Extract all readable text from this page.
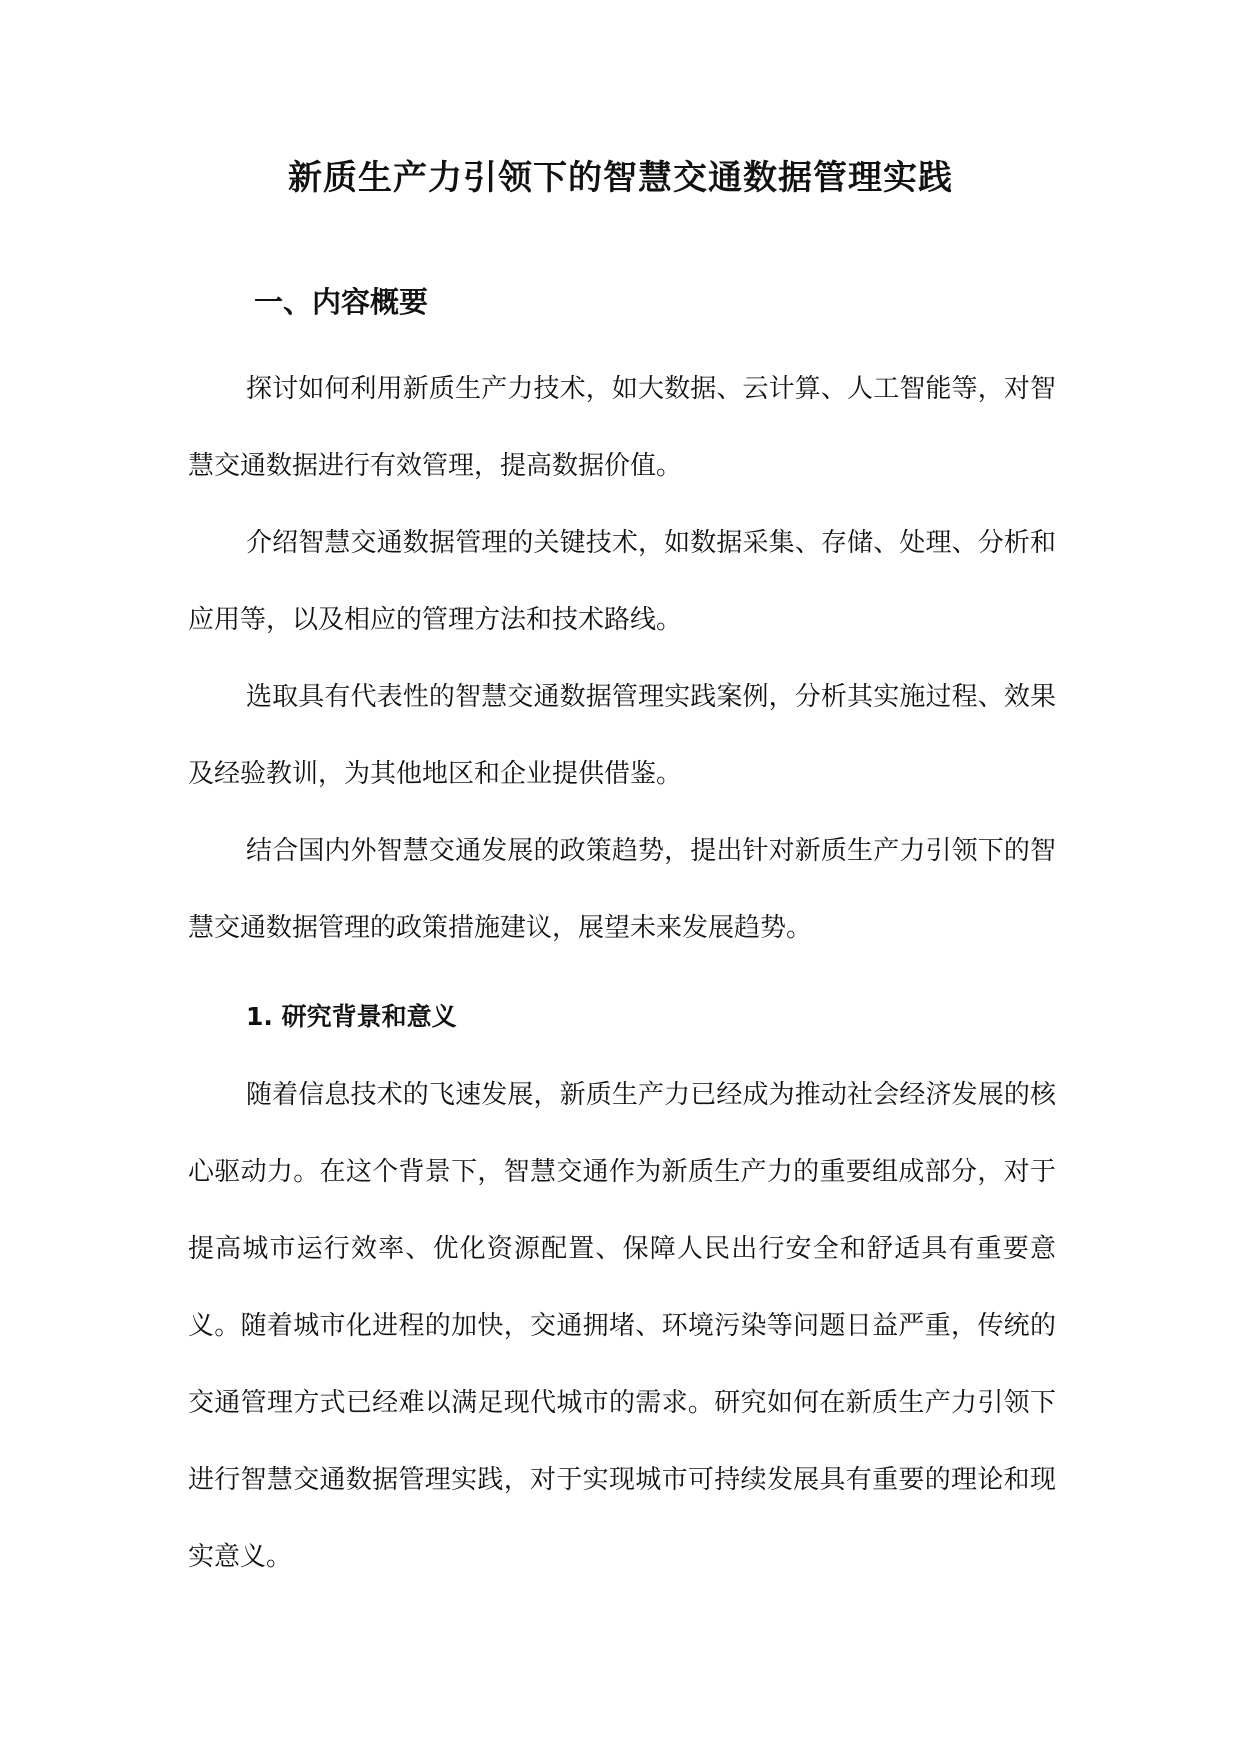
新质生产力引领下的智慧交通数据管理实践
一、内容概要

探讨如何利用新质生产力技术，如大数据、云计算、人工智能等，对智慧交通数据进行有效管理，提高数据价值。

介绍智慧交通数据管理的关键技术，如数据采集、存储、处理、分析和应用等，以及相应的管理方法和技术路线。

选取具有代表性的智慧交通数据管理实践案例，分析其实施过程、效果及经验教训，为其他地区和企业提供借鉴。

结合国内外智慧交通发展的政策趋势，提出针对新质生产力引领下的智慧交通数据管理的政策措施建议，展望未来发展趋势。

1. 研究背景和意义

随着信息技术的飞速发展，新质生产力已经成为推动社会经济发展的核心驱动力。在这个背景下，智慧交通作为新质生产力的重要组成部分，对于提高城市运行效率、优化资源配置、保障人民出行安全和舒适具有重要意义。随着城市化进程的加快，交通拥堵、环境污染等问题日益严重，传统的交通管理方式已经难以满足现代城市的需求。研究如何在新质生产力引领下进行智慧交通数据管理实践，对于实现城市可持续发展具有重要的理论和现实意义。
